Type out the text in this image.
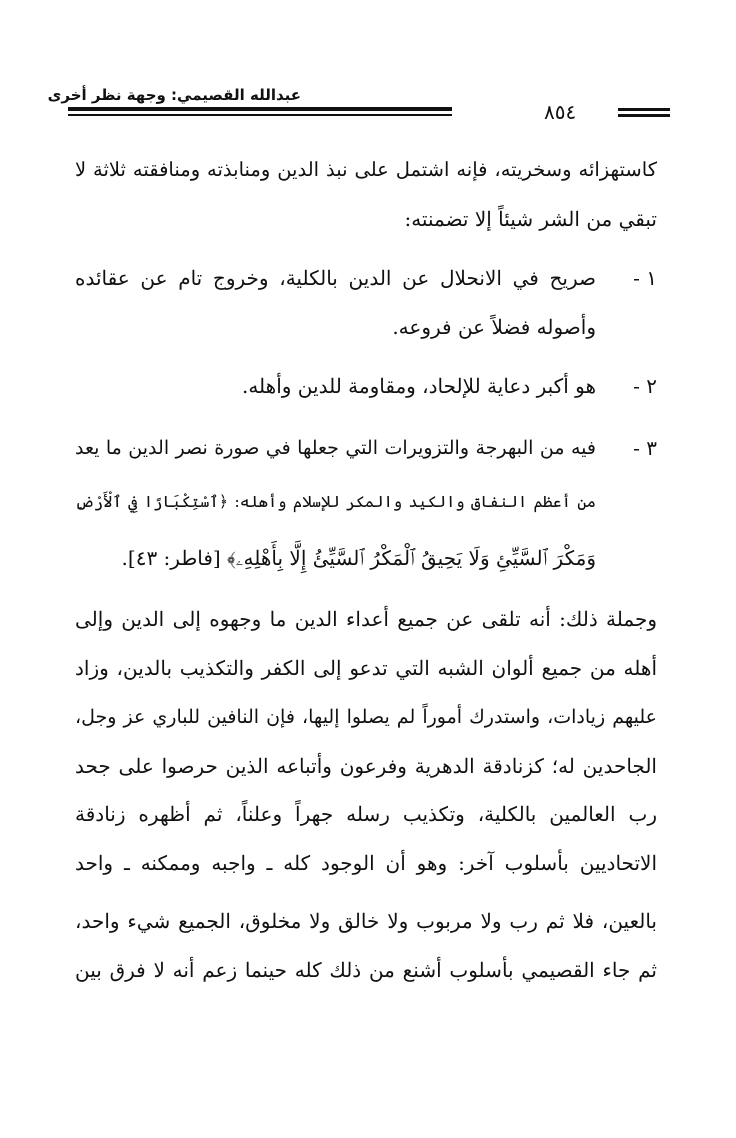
عبدالله القصيمي: وجهة نظر أخرى
٨٥٤
كاستهزائه وسخريته، فإنه اشتمل على نبذ الدين ومنابذته ومنافقته ثلاثة لا
تبقي من الشر شيئاً إلا تضمنته:
١ -
صريح في الانحلال عن الدين بالكلية، وخروج تام عن عقائده
وأصوله فضلاً عن فروعه.
٢ -
هو أكبر دعاية للإلحاد، ومقاومة للدين وأهله.
٣ -
فيه من البهرجة والتزويرات التي جعلها في صورة نصر الدين ما يعد
من أعظم النفاق والكيد والمكر للإسلام وأهله: ﴿ٱسْتِكْبَارًا فِي ٱلْأَرْضِ
وَمَكْرَ ٱلسَّيِّئِ وَلَا يَحِيقُ ٱلْمَكْرُ ٱلسَّيِّئُ إِلَّا بِأَهْلِهِۦ﴾ [فاطر: ٤٣].
وجملة ذلك: أنه تلقى عن جميع أعداء الدين ما وجهوه إلى الدين وإلى
أهله من جميع ألوان الشبه التي تدعو إلى الكفر والتكذيب بالدين، وزاد
عليهم زيادات، واستدرك أموراً لم يصلوا إليها، فإن النافين للباري عز وجل،
الجاحدين له؛ كزنادقة الدهرية وفرعون وأتباعه الذين حرصوا على جحد
رب العالمين بالكلية، وتكذيب رسله جهراً وعلناً، ثم أظهره زنادقة
الاتحاديين بأسلوب آخر: وهو أن الوجود كله ـ واجبه وممكنه ـ واحد
بالعين، فلا ثم رب ولا مربوب ولا خالق ولا مخلوق، الجميع شيء واحد،
ثم جاء القصيمي بأسلوب أشنع من ذلك كله حينما زعم أنه لا فرق بين
